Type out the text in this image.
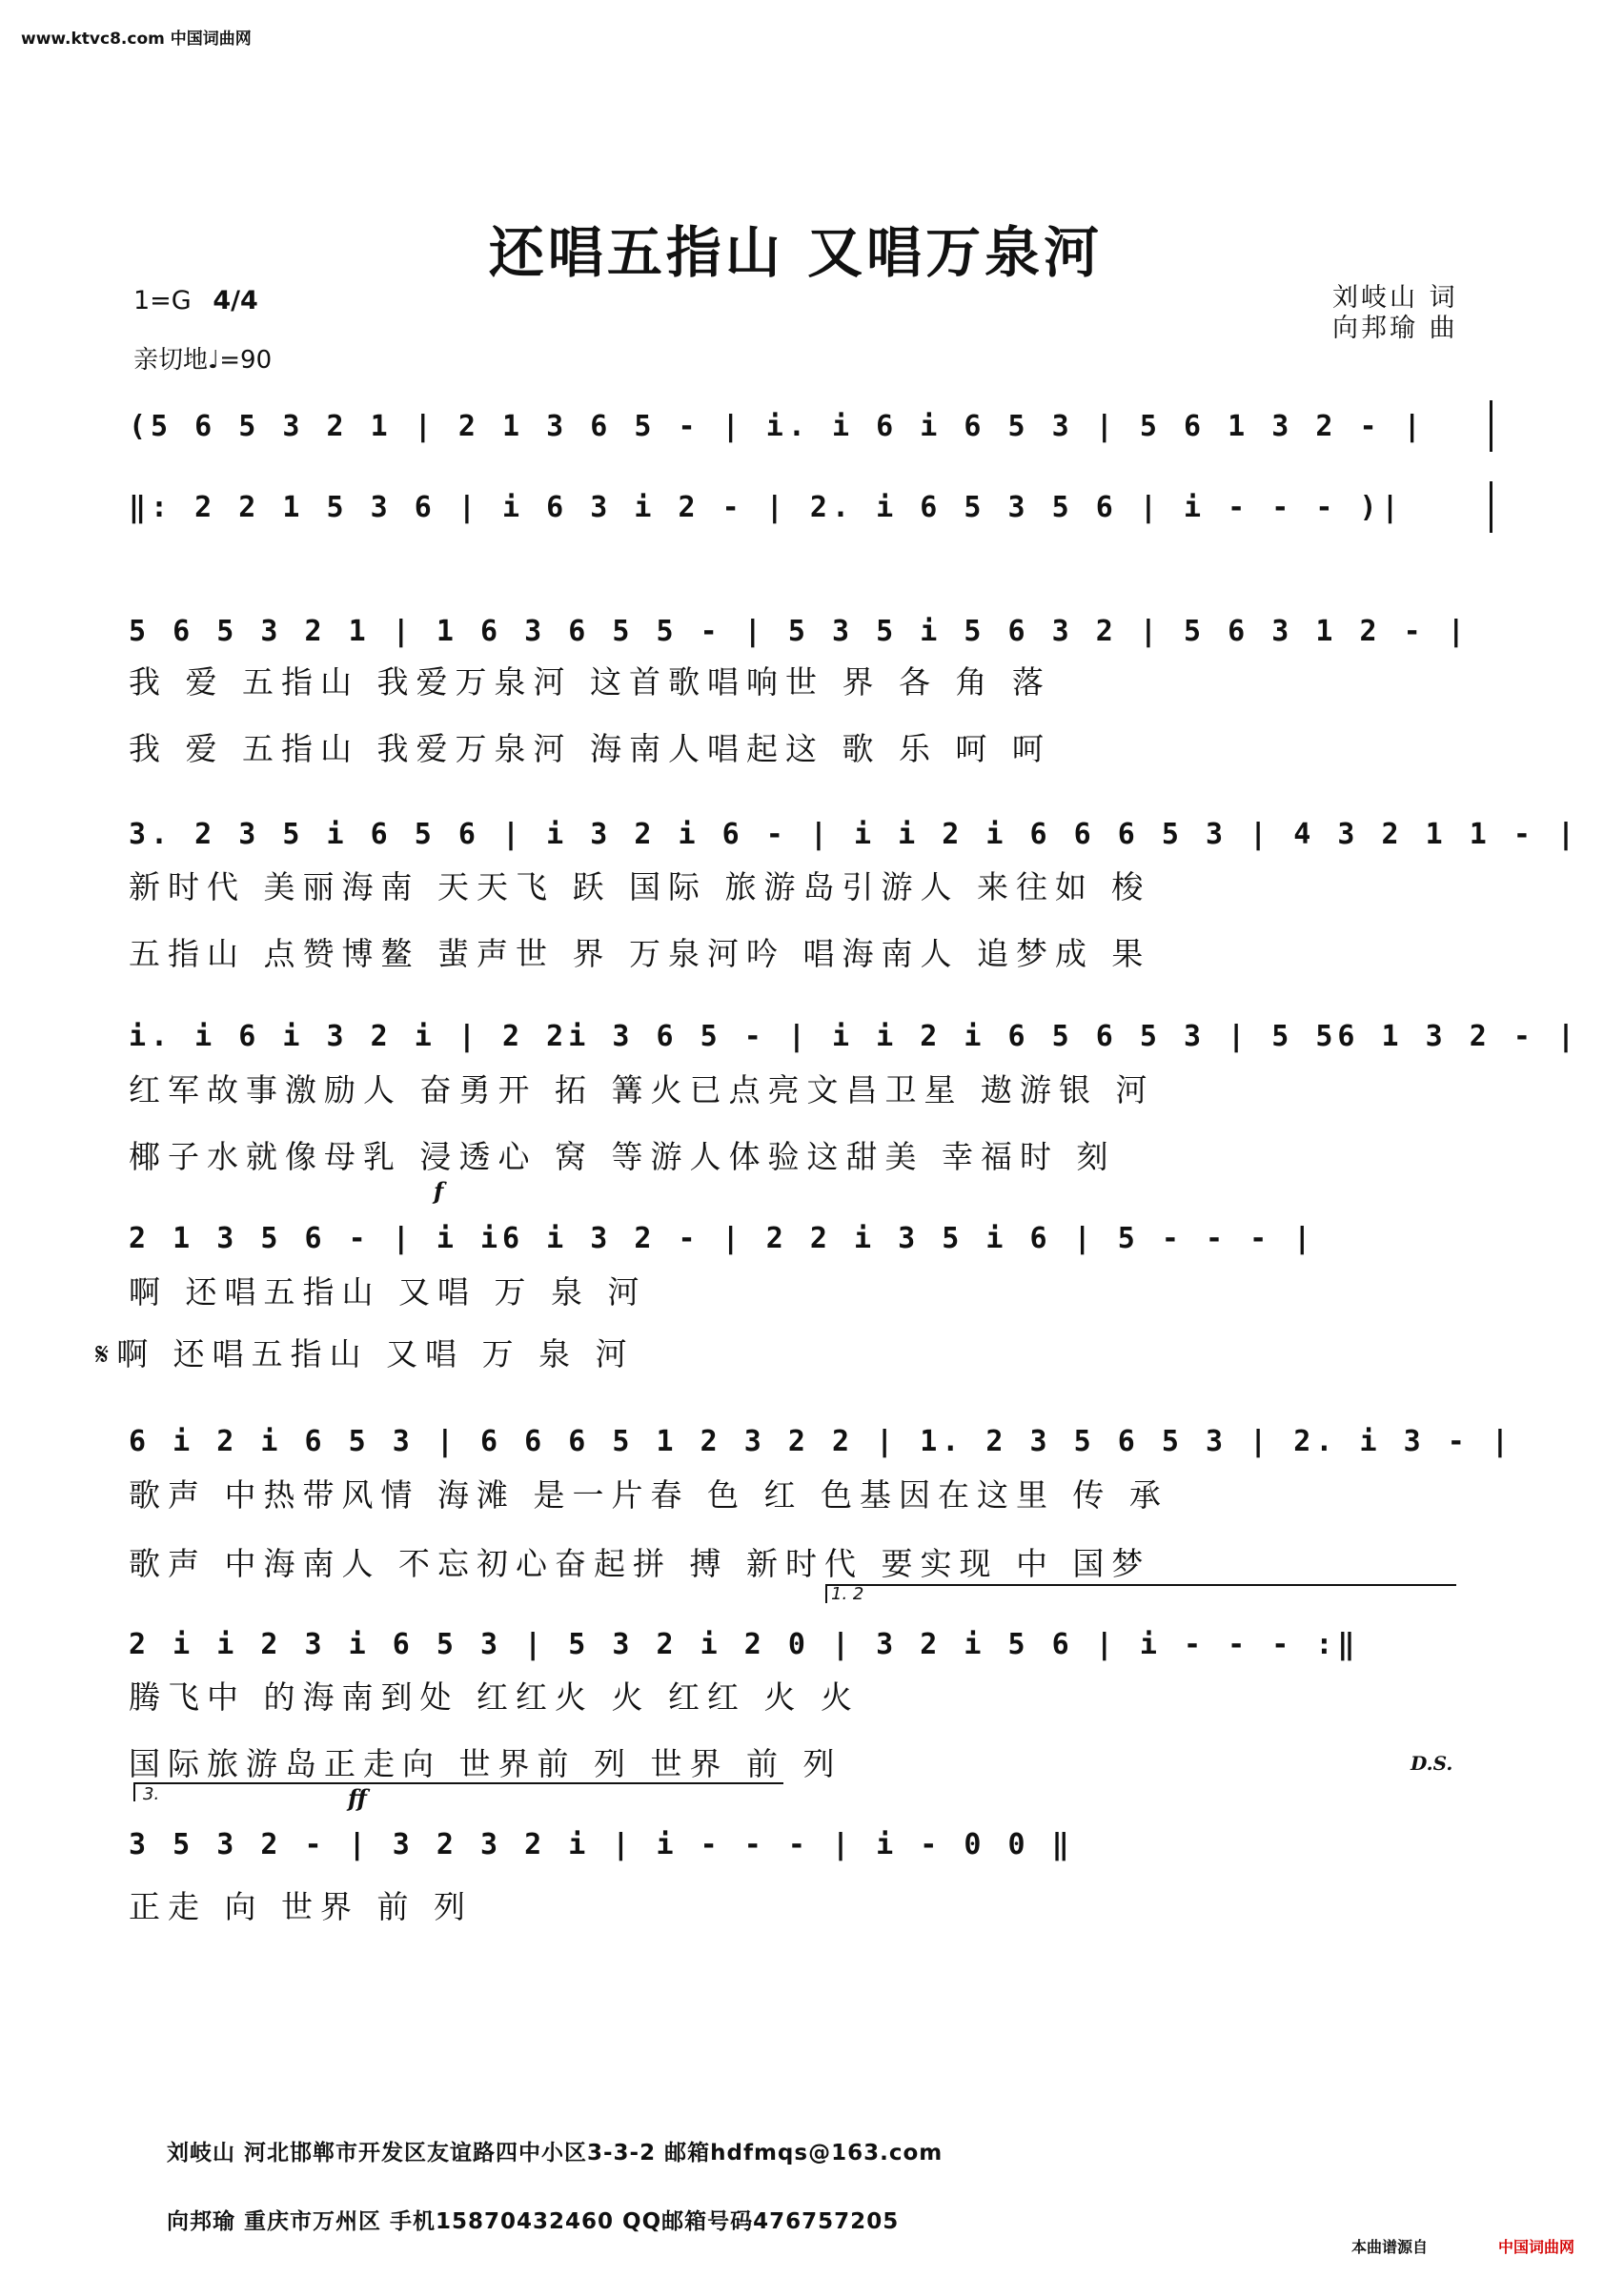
www.ktvc8.com 中国词曲网
还唱五指山 又唱万泉河
刘岐山 词
向邦瑜 曲
1=G 4/4
亲切地♩=90
(5 6 5 3 2 1 | 2 1 3 6 5 - | i. i 6 i 6 5 3 | 5 6 1 3 2 - |
‖: 2 2 1 5 3 6 | i 6 3 i 2 - | 2. i 6 5 3 5 6 | i - - - )|
5 6 5 3 2 1 | 1 6 3 6 5 5 - | 5 3 5 i 5 6 3 2 | 5 6 3 1 2 - |
我 爱 五指山 我爱万泉河 这首歌唱响世 界 各 角 落
我 爱 五指山 我爱万泉河 海南人唱起这 歌 乐 呵 呵
3. 2 3 5 i 6 5 6 | i 3 2 i 6 - | i i 2 i 6 6 6 5 3 | 4 3 2 1 1 - |
新时代 美丽海南 天天飞 跃 国际 旅游岛引游人 来往如 梭
五指山 点赞博鳌 蜚声世 界 万泉河吟 唱海南人 追梦成 果
i. i 6 i 3 2 i | 2 2i 3 6 5 - | i i 2 i 6 5 6 5 3 | 5 56 1 3 2 - |
红军故事激励人 奋勇开 拓 篝火已点亮文昌卫星 遨游银 河
椰子水就像母乳 浸透心 窝 等游人体验这甜美 幸福时 刻
f
2 1 3 5 6 - | i i6 i 3 2 - | 2 2 i 3 5 i 6 | 5 - - - |
啊 还唱五指山 又唱 万 泉 河
𝄋啊 还唱五指山 又唱 万 泉 河
6 i 2 i 6 5 3 | 6 6 6 5 1 2 3 2 2 | 1. 2 3 5 6 5 3 | 2. i 3 - |
歌声 中热带风情 海滩 是一片春 色 红 色基因在这里 传 承
歌声 中海南人 不忘初心奋起拼 搏 新时代 要实现 中 国梦
1. 2
2 i i 2 3 i 6 5 3 | 5 3 2 i 2 0 | 3 2 i 5 6 | i - - - :‖
腾飞中 的海南到处 红红火 火 红红 火 火
国际旅游岛正走向 世界前 列 世界 前 列	D.S.
3.	ff
3 5 3 2 - | 3 2 3 2 i | i - - - | i - 0 0 ‖
正走 向 世界 前 列
刘岐山 河北邯郸市开发区友谊路四中小区3-3-2 邮箱hdfmqs@163.com
向邦瑜 重庆市万州区 手机15870432460 QQ邮箱号码476757205
本曲谱源自	中国词曲网
